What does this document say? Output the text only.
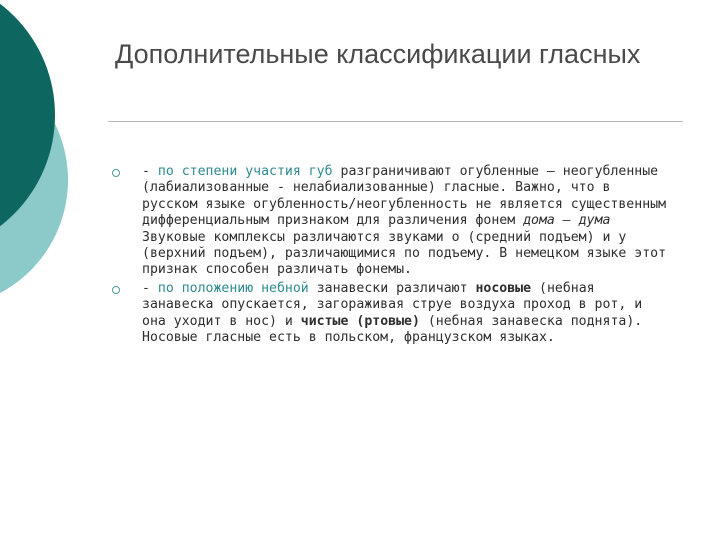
Дополнительные классификации гласных
- по степени участия губ разграничивают огубленные – неогубленные (лабиализованные - нелабиализованные) гласные. Важно, что в русском языке огубленность/неогубленность не является существенным дифференциальным признаком для различения фонем дома – дума Звуковые комплексы различаются звуками о (средний подъем) и у (верхний подъем), различающимися по подъему. В немецком языке этот признак способен различать фонемы.
- по положению небной занавески различают носовые (небная занавеска опускается, загораживая струе воздуха проход в рот, и она уходит в нос) и чистые (ртовые) (небная занавеска поднята). Носовые гласные есть в польском, французском языках.
